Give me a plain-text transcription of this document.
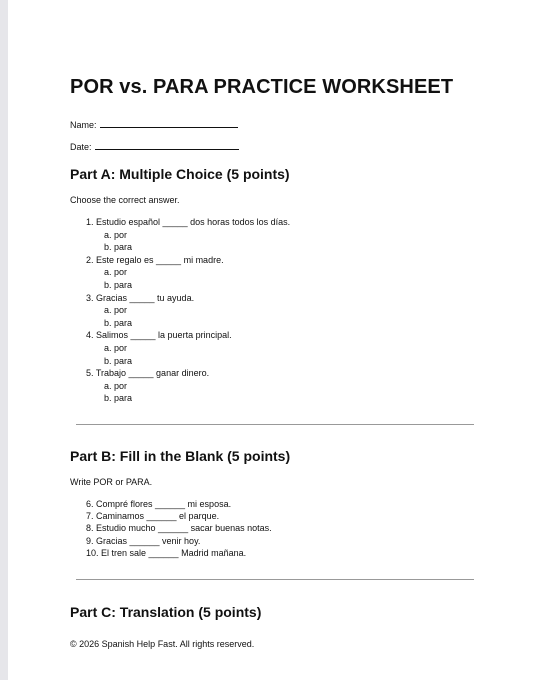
POR vs. PARA PRACTICE WORKSHEET
Name:
Date:
Part A: Multiple Choice (5 points)
Choose the correct answer.
1. Estudio español _____ dos horas todos los días.
a. por
b. para
2. Este regalo es _____ mi madre.
a. por
b. para
3. Gracias _____ tu ayuda.
a. por
b. para
4. Salimos _____ la puerta principal.
a. por
b. para
5. Trabajo _____ ganar dinero.
a. por
b. para
Part B: Fill in the Blank (5 points)
Write POR or PARA.
6. Compré flores ______ mi esposa.
7. Caminamos ______ el parque.
8. Estudio mucho ______ sacar buenas notas.
9. Gracias ______ venir hoy.
10. El tren sale ______ Madrid mañana.
Part C: Translation (5 points)
© 2026 Spanish Help Fast. All rights reserved.
